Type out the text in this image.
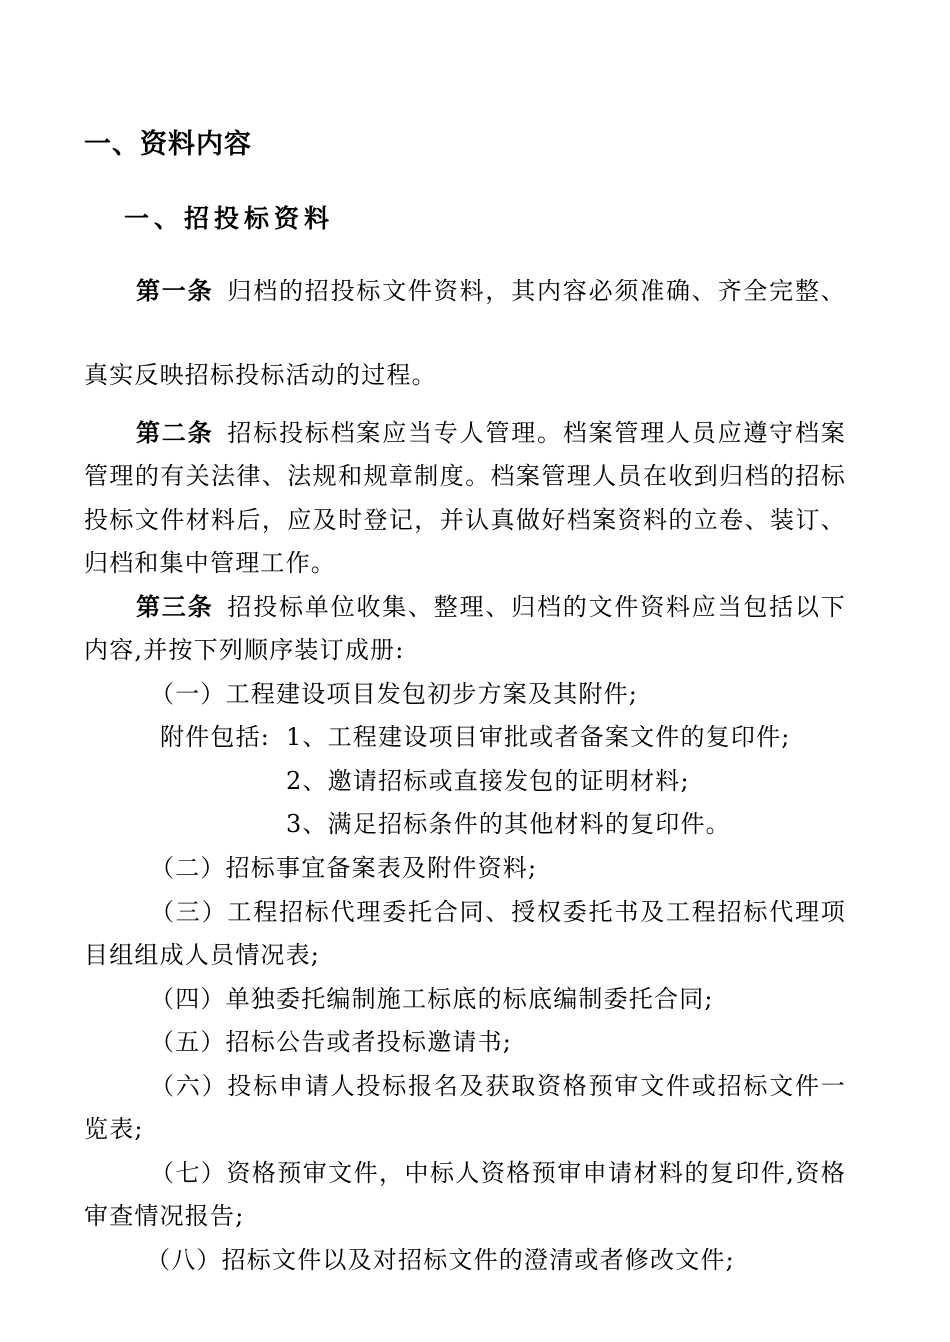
一、资料内容
一、招投标资料
第一条 归档的招投标文件资料，其内容必须准确、齐全完整、
真实反映招标投标活动的过程。
第二条 招标投标档案应当专人管理。档案管理人员应遵守档案
管理的有关法律、法规和规章制度。档案管理人员在收到归档的招标
投标文件材料后，应及时登记，并认真做好档案资料的立卷、装订、
归档和集中管理工作。
第三条 招投标单位收集、整理、归档的文件资料应当包括以下
内容,并按下列顺序装订成册:
（一）工程建设项目发包初步方案及其附件;
附件包括: 1、工程建设项目审批或者备案文件的复印件;
2、邀请招标或直接发包的证明材料;
3、满足招标条件的其他材料的复印件。
（二）招标事宜备案表及附件资料;
（三）工程招标代理委托合同、授权委托书及工程招标代理项
目组组成人员情况表;
（四）单独委托编制施工标底的标底编制委托合同;
（五）招标公告或者投标邀请书;
（六）投标申请人投标报名及获取资格预审文件或招标文件一
览表;
（七）资格预审文件，中标人资格预审申请材料的复印件,资格
审查情况报告;
（八）招标文件以及对招标文件的澄清或者修改文件;
